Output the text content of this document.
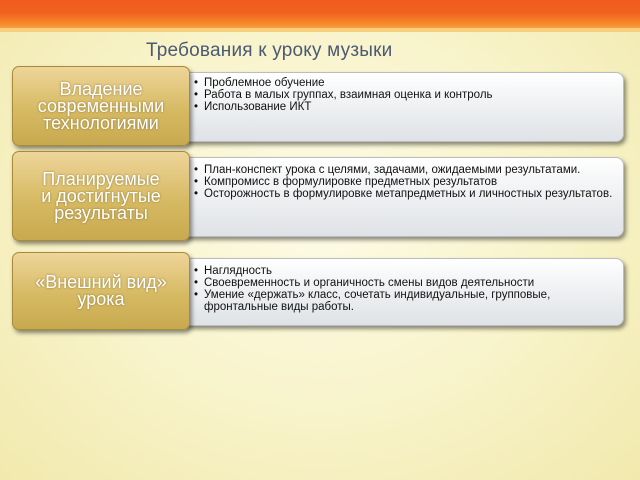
Требования к уроку музыки
Владение
современными
технологиями
• Проблемное обучение
• Работа в малых группах, взаимная оценка и контроль
• Использование ИКТ
Планируемые
и достигнутые
результаты
• План-конспект урока с целями, задачами, ожидаемыми результатами.
• Компромисс в формулировке предметных результатов
• Осторожность в формулировке метапредметных и личностных результатов.
«Внешний вид»
урока
• Наглядность
• Своевременность и органичность смены видов деятельности
• Умение «держать» класс, сочетать индивидуальные, групповые, фронтальные виды работы.
